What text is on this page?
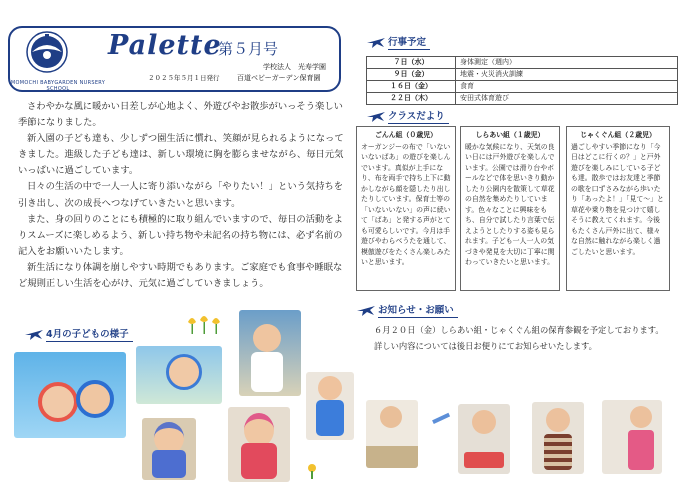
MOMOCHI BABYGARDEN NURSERY SCHOOL
Palette
第５月号
学校法人　光寿学園
２０２５年５月１日発行	百道ベビーガーデン保育園

さわやかな風に暖かい日差しが心地よく、外遊びやお散歩がいっそう楽しい季節になりました。

新入園の子ども達も、少しずつ園生活に慣れ、笑顔が見られるようになってきました。進級した子ども達は、新しい環境に胸を膨らませながら、毎日元気いっぱいに過ごしています。

日々の生活の中で一人一人に寄り添いながら「やりたい！」という気持ちを引き出し、次の成長へつなげていきたいと思います。

また、身の回りのことにも積極的に取り組んでいますので、毎日の活動をよりスムーズに楽しめるよう、新しい持ち物や未記名の持ち物には、必ず名前の記入をお願いいたします。

新生活になり体調を崩しやすい時期でもあります。ご家庭でも食事や睡眠など規則正しい生活を心がけ、元気に過ごしていきましょう。

4月の子どもの様子
行事予定
７日（水）	身体測定（週内）
９日（金）	地震・火災消火訓練
１６日（金）	食育
２２日（木）	安田式体育遊び
クラスだより
ごんん組（０歳児）
オーガンジーの布で「いないいないばあ」の遊びを楽しんでいます。真似が上手になり、布を両手で持ち上下に動かしながら顔を隠したり出したりしています。保育士等の「いないいない」の声に続いて「ばあ」と発する声がとても可愛らしいです。今月は手遊びやわらべうたを通して、模倣遊びをたくさん楽しみたいと思います。
しらあい組（１歳児）
暖かな気候になり、天気の良い日には戸外遊びを楽しんでいます。公園では滑り台やボールなどで体を思いきり動かしたり公園内を散策して草花の自然を集めたりしています。色々なことに興味をもち、自分で試したり言葉で伝えようとしたりする姿も見られます。子ども一人一人の気づきや発見を大切に丁寧に関わっていきたいと思います。
じゃくぐん組（２歳児）
過ごしやすい季節になり「今日はどこに行くの？」と戸外遊びを楽しみにしている子ども達。散歩ではお友達と季節の歌を口ずさみながら歩いたり「あったよ！」「見て〜」と草花や乗り物を見つけて嬉しそうに教えてくれます。今後もたくさん戸外に出て、様々な自然に触れながら楽しく過ごしたいと思います。
お知らせ・お願い

６月２０日（金）しらあい組・じゃくぐん組の保育参観を予定しております。

詳しい内容については後日お便りにてお知らせいたします。
